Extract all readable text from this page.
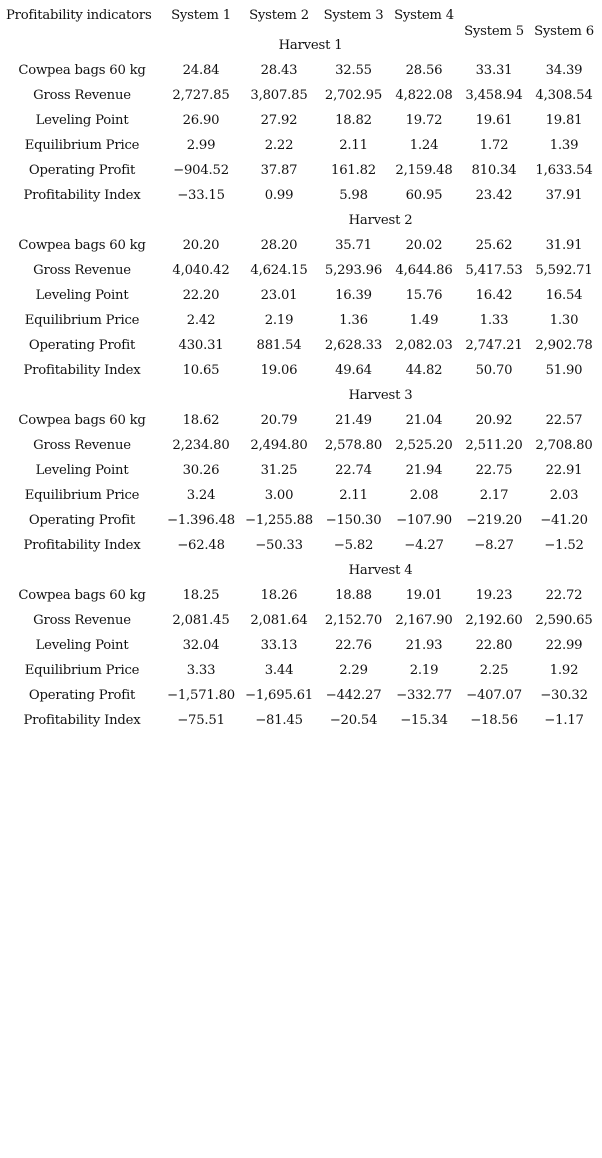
Profitability indicators	System 1	System 2	System 3	System 4	System 5	System 6
	Harvest 1					
Cowpea bags 60 kg	24.84	28.43	32.55	28.56	33.31	34.39
Gross Revenue	2,727.85	3,807.85	2,702.95	4,822.08	3,458.94	4,308.54
Leveling Point	26.90	27.92	18.82	19.72	19.61	19.81
Equilibrium Price	2.99	2.22	2.11	1.24	1.72	1.39
Operating Profit	−904.52	37.87	161.82	2,159.48	810.34	1,633.54
Profitability Index	−33.15	0.99	5.98	60.95	23.42	37.91
	Harvest 2					
Cowpea bags 60 kg	20.20	28.20	35.71	20.02	25.62	31.91
Gross Revenue	4,040.42	4,624.15	5,293.96	4,644.86	5,417.53	5,592.71
Leveling Point	22.20	23.01	16.39	15.76	16.42	16.54
Equilibrium Price	2.42	2.19	1.36	1.49	1.33	1.30
Operating Profit	430.31	881.54	2,628.33	2,082.03	2,747.21	2,902.78
Profitability Index	10.65	19.06	49.64	44.82	50.70	51.90
	Harvest 3					
Cowpea bags 60 kg	18.62	20.79	21.49	21.04	20.92	22.57
Gross Revenue	2,234.80	2,494.80	2,578.80	2,525.20	2,511.20	2,708.80
Leveling Point	30.26	31.25	22.74	21.94	22.75	22.91
Equilibrium Price	3.24	3.00	2.11	2.08	2.17	2.03
Operating Profit	−1.396.48	−1,255.88	−150.30	−107.90	−219.20	−41.20
Profitability Index	−62.48	−50.33	−5.82	−4.27	−8.27	−1.52
	Harvest 4					
Cowpea bags 60 kg	18.25	18.26	18.88	19.01	19.23	22.72
Gross Revenue	2,081.45	2,081.64	2,152.70	2,167.90	2,192.60	2,590.65
Leveling Point	32.04	33.13	22.76	21.93	22.80	22.99
Equilibrium Price	3.33	3.44	2.29	2.19	2.25	1.92
Operating Profit	−1,571.80	−1,695.61	−442.27	−332.77	−407.07	−30.32
Profitability Index	−75.51	−81.45	−20.54	−15.34	−18.56	−1.17
